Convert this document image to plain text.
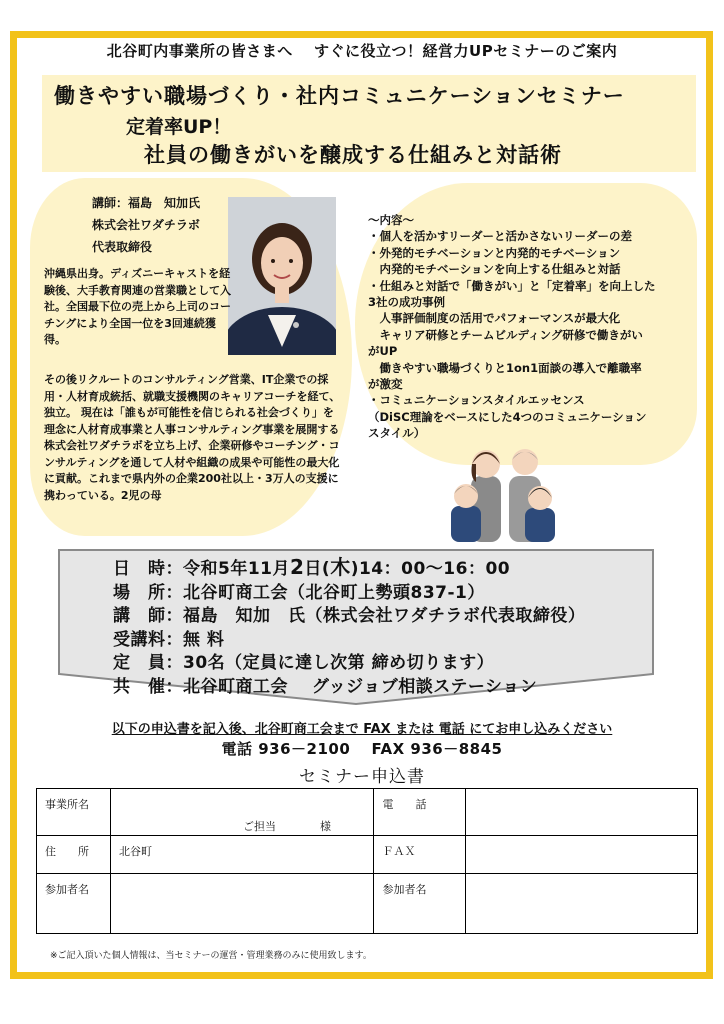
北谷町内事業所の皆さまへ　 すぐに役立つ！経営力UPセミナーのご案内
働きやすい職場づくり・社内コミュニケーションセミナー
定着率UP！
社員の働きがいを醸成する仕組みと対話術
講師：福島　知加氏
株式会社ワダチラボ
代表取締役
沖縄県出身。ディズニーキャストを経験後、大手教育関連の営業職として入社。全国最下位の売上から上司のコーチングにより全国一位を3回連続獲得。
その後リクルートのコンサルティング営業、IT企業での採用・人材育成統括、就職支援機関のキャリアコーチを経て、独立。 現在は「誰もが可能性を信じられる社会づくり」を理念に人材育成事業と人事コンサルティング事業を展開する株式会社ワダチラボを立ち上げ、企業研修やコーチング・コンサルティングを通して人材や組織の成果や可能性の最大化に貢献。これまで県内外の企業200社以上・3万人の支援に携わっている。2児の母
～内容～
・個人を活かすリーダーと活かさないリーダーの差
・外発的モチベーションと内発的モチベーション
　内発的モチベーションを向上する仕組みと対話
・仕組みと対話で「働きがい」と「定着率」を向上した
3社の成功事例
　人事評価制度の活用でパフォーマンスが最大化
　キャリア研修とチームビルディング研修で働きがい
がUP
　働きやすい職場づくりと1on1面談の導入で離職率
が激変
・コミュニケーションスタイルエッセンス
（DiSC理論をベースにした4つのコミュニケーション
スタイル）
日　時：令和5年11月2日(木)14：00～16：00
場　所：北谷町商工会（北谷町上勢頭837-1）
講　師：福島　知加　氏（株式会社ワダチラボ代表取締役）
受講料：無 料
定　員：30名（定員に達し次第 締め切ります）
共　催：北谷町商工会　 グッジョブ相談ステーション
以下の申込書を記入後、北谷町商工会まで FAX または 電話 にてお申し込みください
電話 936－2100　 FAX 936－8845
セミナー申込書
事業所名	ご担当　　　　様	電　　話	
住　　所	北谷町	ＦＡＸ	
参加者名		参加者名	
※ご記入頂いた個人情報は、当セミナーの運営・管理業務のみに使用致します。
